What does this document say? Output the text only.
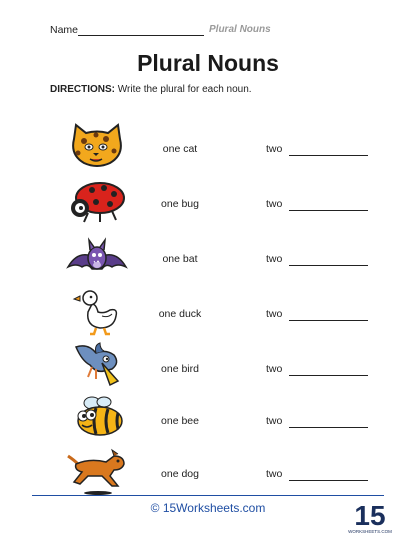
Name	Plural Nouns
Plural Nouns
DIRECTIONS: Write the plural for each noun.
one cat	two
one bug	two
one bat	two
one duck	two
one bird	two
one bee	two
one dog	two
© 15Worksheets.com	15
WORKSHEETS.COM
